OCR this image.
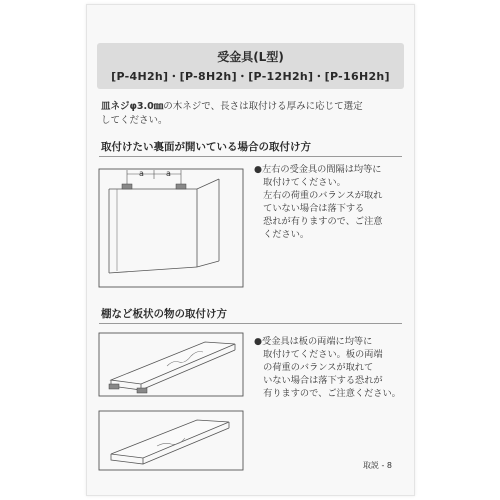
受金具(L型)
[P-4H2h]・[P-8H2h]・[P-12H2h]・[P-16H2h]
皿ネジφ3.0㎜の木ネジで、長さは取付ける厚みに応じて選定
してください。
取付けたい裏面が開いている場合の取付け方
a	a	●左右の受金具の間隔は均等に
　取付けてください。
　左右の荷重のバランスが取れ
　ていない場合は落下する
　恐れが有りますので、ご注意
　ください。
棚など板状の物の取付け方
●受金具は板の両端に均等に
　取付けてください。板の両端
　の荷重のバランスが取れて
　いない場合は落下する恐れが
　有りますので、ご注意ください。
取説 - 8
